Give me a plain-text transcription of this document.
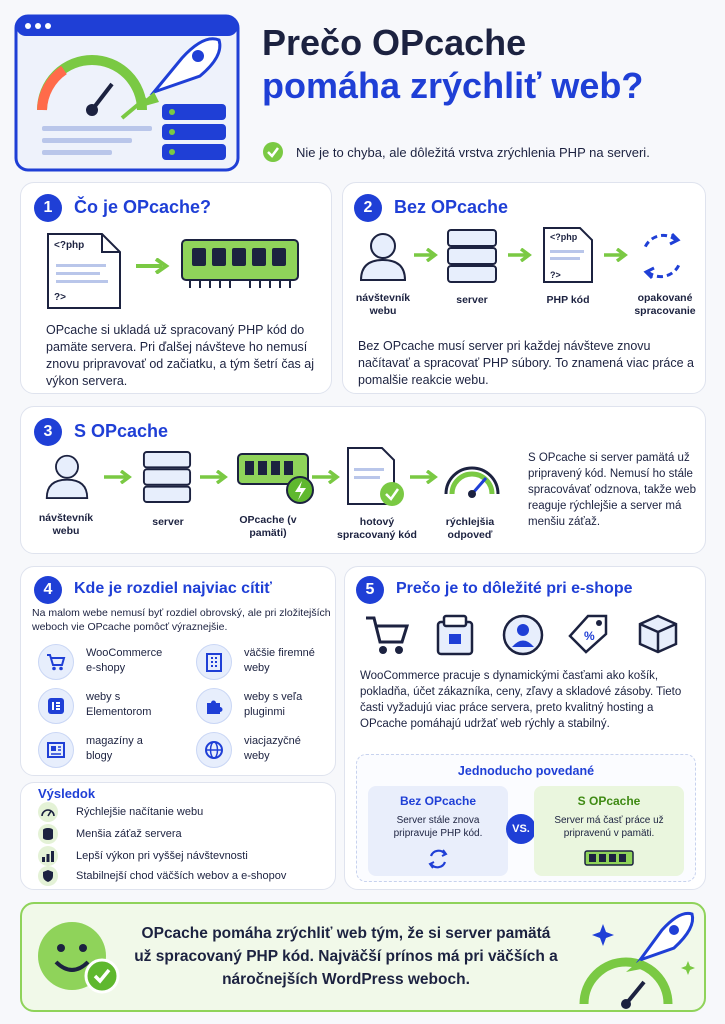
Prečo OPcache
pomáha zrýchliť web?
Nie je to chyba, ale dôležitá vrstva zrýchlenia PHP na serveri.
1	Čo je OPcache?
<?php
?>
OPcache si ukladá už spracovaný PHP kód do pamäte servera. Pri ďalšej návšteve ho nemusí znovu pripravovať od začiatku, a tým šetrí čas aj výkon servera.
2	Bez OPcache
<?php
?>
návštevník webu
server	PHP kód	opakované spracovanie
Bez OPcache musí server pri každej návšteve znovu načítavať a spracovať PHP súbory. To znamená viac práce a pomalšie reakcie webu.
3	S OPcache
návštevník webu
server	OPcache (v pamäti)
hotový spracovaný kód
rýchlejšia odpoveď
S OPcache si server pamätá už pripravený kód. Nemusí ho stále spracovávať odznova, takže web reaguje rýchlejšie a server má menšiu záťaž.
4	Kde je rozdiel najviac cítiť
Na malom webe nemusí byť rozdiel obrovský, ale pri zložitejších weboch vie OPcache pomôcť výraznejšie.
WooCommerce e-shopy
väčšie firemné weby
weby s Elementorom
weby s veľa pluginmi
magazíny a blogy
viacjazyčné weby
Výsledok
Rýchlejšie načítanie webu
Menšia záťaž servera
Lepší výkon pri vyššej návštevnosti
Stabilnejší chod väčších webov a e-shopov
5	Prečo je to dôležité pri e-shope
%
WooCommerce pracuje s dynamickými časťami ako košík, pokladňa, účet zákazníka, ceny, zľavy a skladové zásoby. Tieto časti vyžadujú viac práce servera, preto kvalitný hosting a OPcache pomáhajú udržať web rýchly a stabilný.
Jednoducho povedané
Bez OPcache
Server stále znova pripravuje PHP kód.	VS.
S OPcache
Server má časť práce už pripravenú v pamäti.
OPcache pomáha zrýchliť web tým, že si server pamätá už spracovaný PHP kód. Najväčší prínos má pri väčších a náročnejších WordPress weboch.
